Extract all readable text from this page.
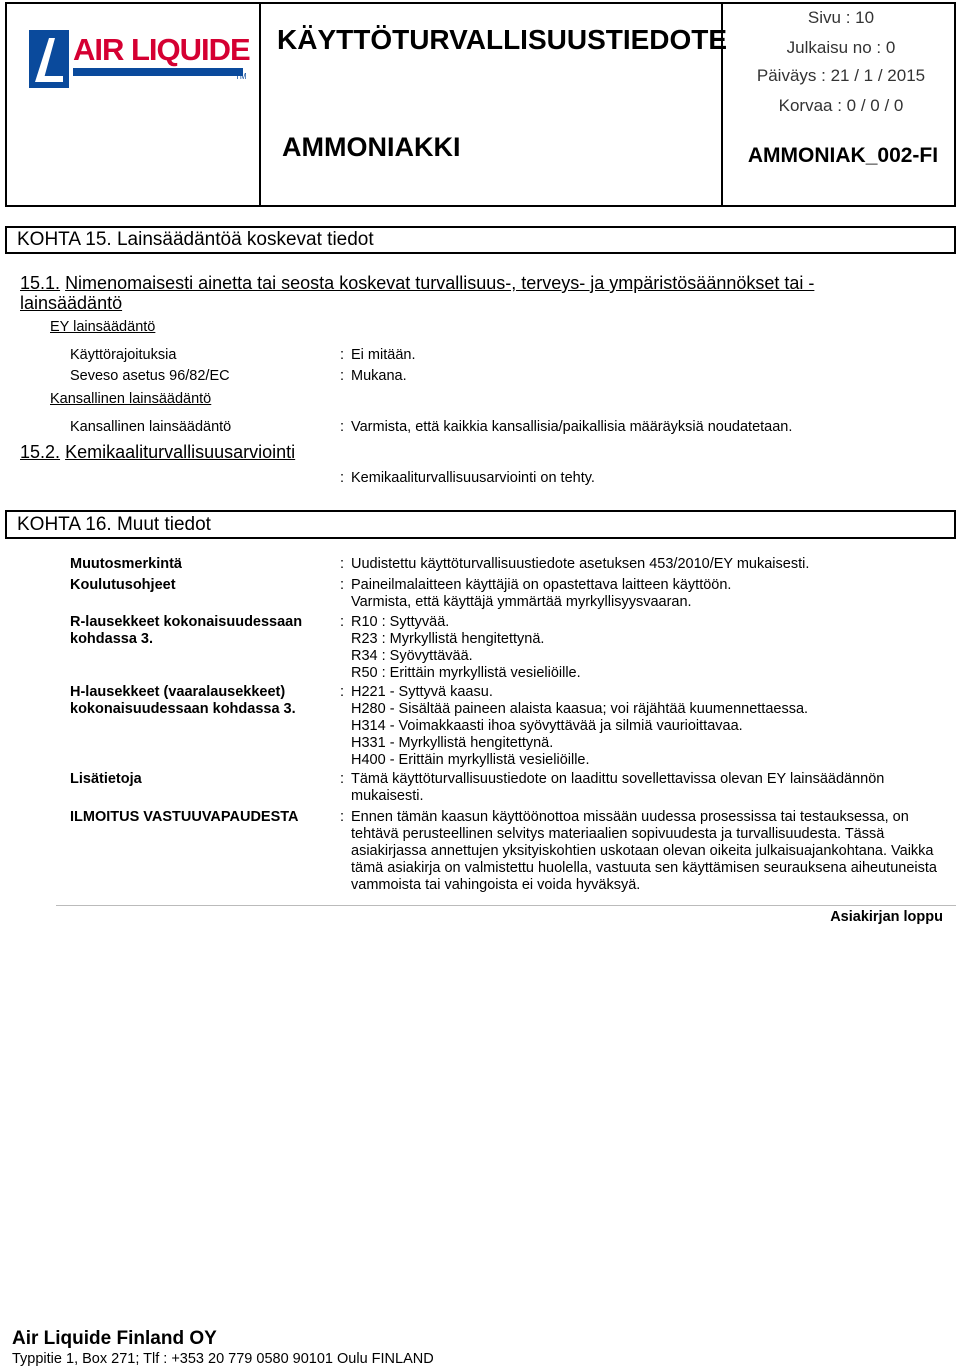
AIR LIQUIDE
TM
KÄYTTÖTURVALLISUUSTIEDOTE
AMMONIAKKI
Sivu : 10
Julkaisu no : 0
Päiväys : 21 / 1 / 2015
Korvaa : 0 / 0 / 0
AMMONIAK_002-FI
KOHTA 15. Lainsäädäntöä koskevat tiedot
15.1. Nimenomaisesti ainetta tai seosta koskevat turvallisuus-, terveys- ja ympäristösäännökset tai -
lainsäädäntö
EY lainsäädäntö
Käyttörajoituksia	: Ei mitään.
Seveso asetus 96/82/EC	: Mukana.
Kansallinen lainsäädäntö
Kansallinen lainsäädäntö	: Varmista, että kaikkia kansallisia/paikallisia määräyksiä noudatetaan.
15.2. Kemikaaliturvallisuusarviointi
: Kemikaaliturvallisuusarviointi on tehty.
KOHTA 16. Muut tiedot
Muutosmerkintä	: Uudistettu käyttöturvallisuustiedote asetuksen 453/2010/EY mukaisesti.
Koulutusohjeet	: Paineilmalaitteen käyttäjiä on opastettava laitteen käyttöön.
Varmista, että käyttäjä ymmärtää myrkyllisyysvaaran.
R-lausekkeet kokonaisuudessaan
kohdassa 3.
: R10 : Syttyvää.
R23 : Myrkyllistä hengitettynä.
R34 : Syövyttävää.
R50 : Erittäin myrkyllistä vesieliöille.
H-lausekkeet (vaaralausekkeet)
kokonaisuudessaan kohdassa 3.
: H221 - Syttyvä kaasu.
H280 - Sisältää paineen alaista kaasua; voi räjähtää kuumennettaessa.
H314 - Voimakkaasti ihoa syövyttävää ja silmiä vaurioittavaa.
H331 - Myrkyllistä hengitettynä.
H400 - Erittäin myrkyllistä vesieliöille.
Lisätietoja	: Tämä käyttöturvallisuustiedote on laadittu sovellettavissa olevan EY lainsäädännön
mukaisesti.
ILMOITUS VASTUUVAPAUDESTA	: Ennen tämän kaasun käyttöönottoa missään uudessa prosessissa tai testauksessa, on
tehtävä perusteellinen selvitys materiaalien sopivuudesta ja turvallisuudesta. Tässä
asiakirjassa annettujen yksityiskohtien uskotaan olevan oikeita julkaisuajankohtana. Vaikka
tämä asiakirja on valmistettu huolella, vastuuta sen käyttämisen seurauksena aiheutuneista
vammoista tai vahingoista ei voida hyväksyä.
Asiakirjan loppu
Air Liquide Finland OY
Typpitie 1, Box 271; Tlf : +353 20 779 0580 90101 Oulu FINLAND
